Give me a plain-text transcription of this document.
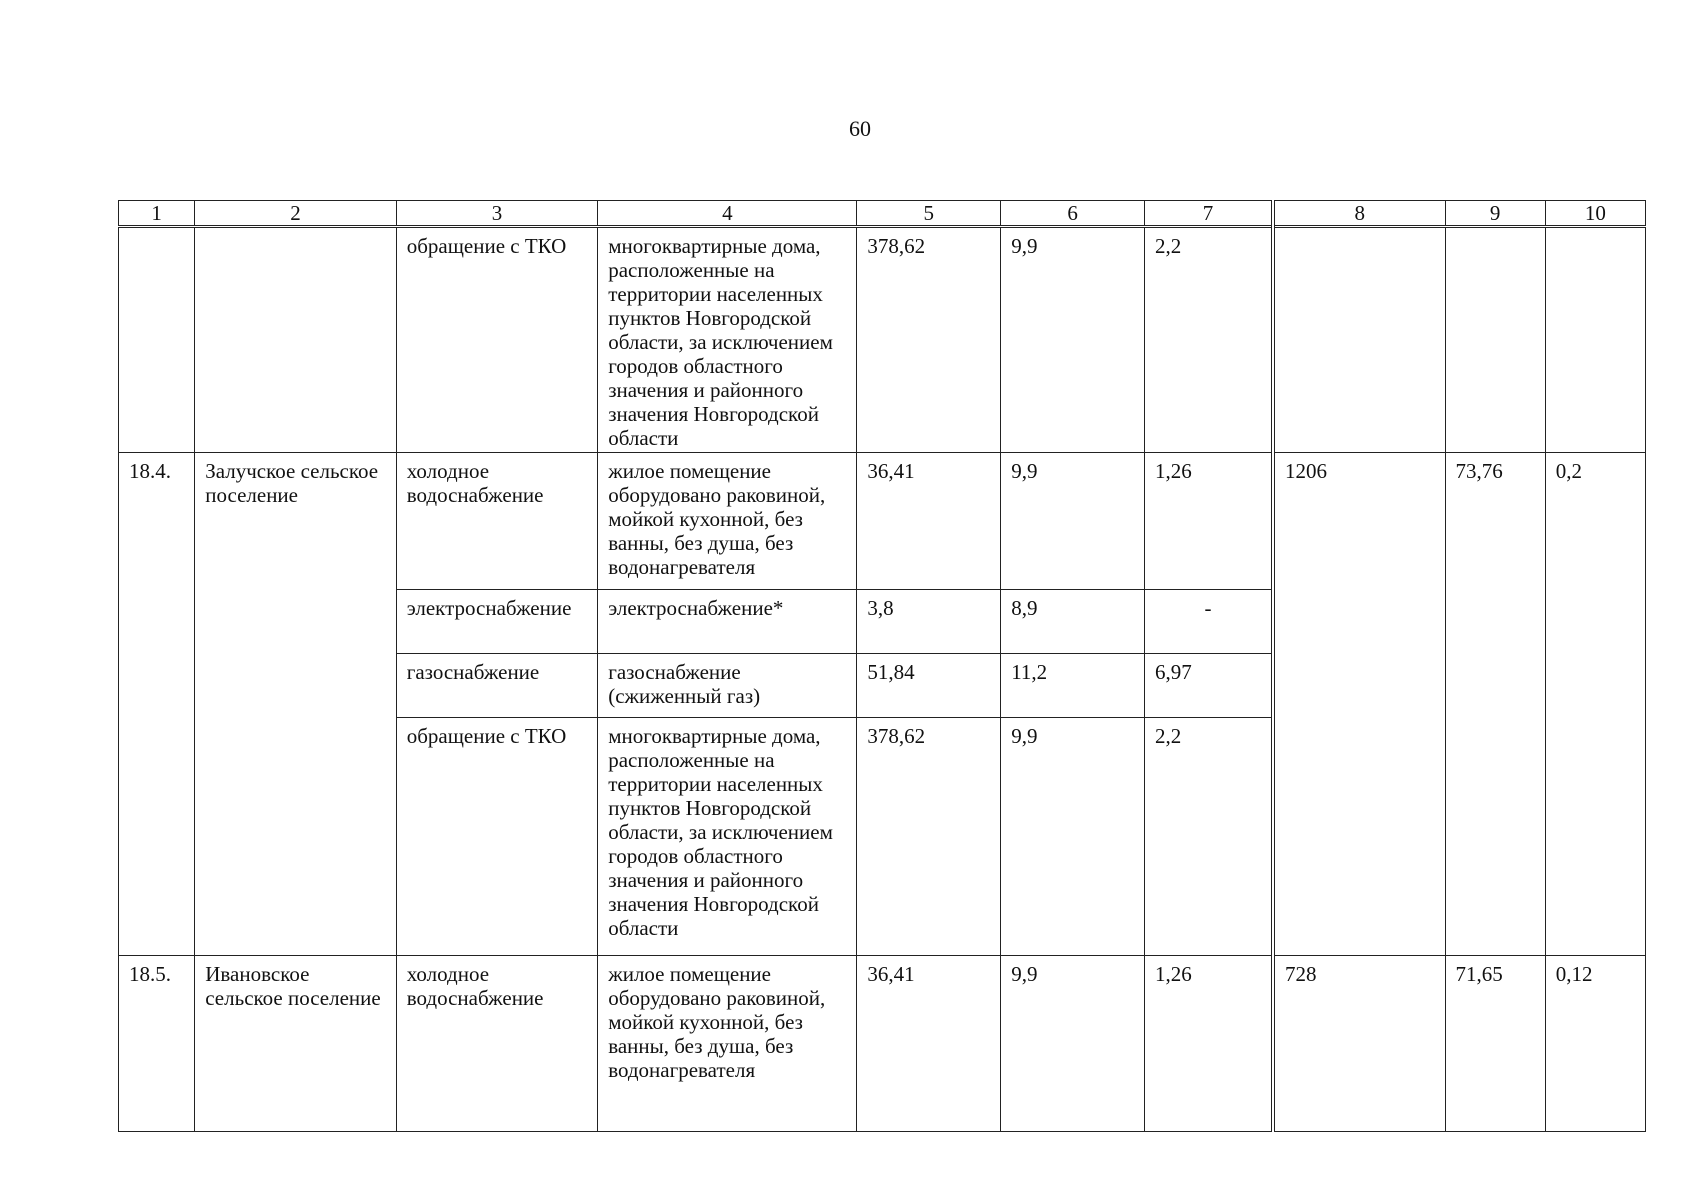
60
1	2	3	4	5	6	7	8	9	10
		обращение с ТКО	многоквартирные дома, расположенные на территории населенных пунктов Новгородской области, за исключением городов областного значения и районного значения Новгородской области	378,62	9,9	2,2			
18.4.	Залучское сельское поселение	холодное водоснабжение	жилое помещение оборудовано раковиной, мойкой кухонной, без ванны, без душа, без водонагревателя	36,41	9,9	1,26	1206	73,76	0,2
		электроснабжение	электроснабжение*	3,8	8,9	-			
		газоснабжение	газоснабжение (сжиженный газ)	51,84	11,2	6,97			
		обращение с ТКО	многоквартирные дома, расположенные на территории населенных пунктов Новгородской области, за исключением городов областного значения и районного значения Новгородской области	378,62	9,9	2,2			
18.5.	Ивановское сельское поселение	холодное водоснабжение	жилое помещение оборудовано раковиной, мойкой кухонной, без ванны, без душа, без водонагревателя	36,41	9,9	1,26	728	71,65	0,12
